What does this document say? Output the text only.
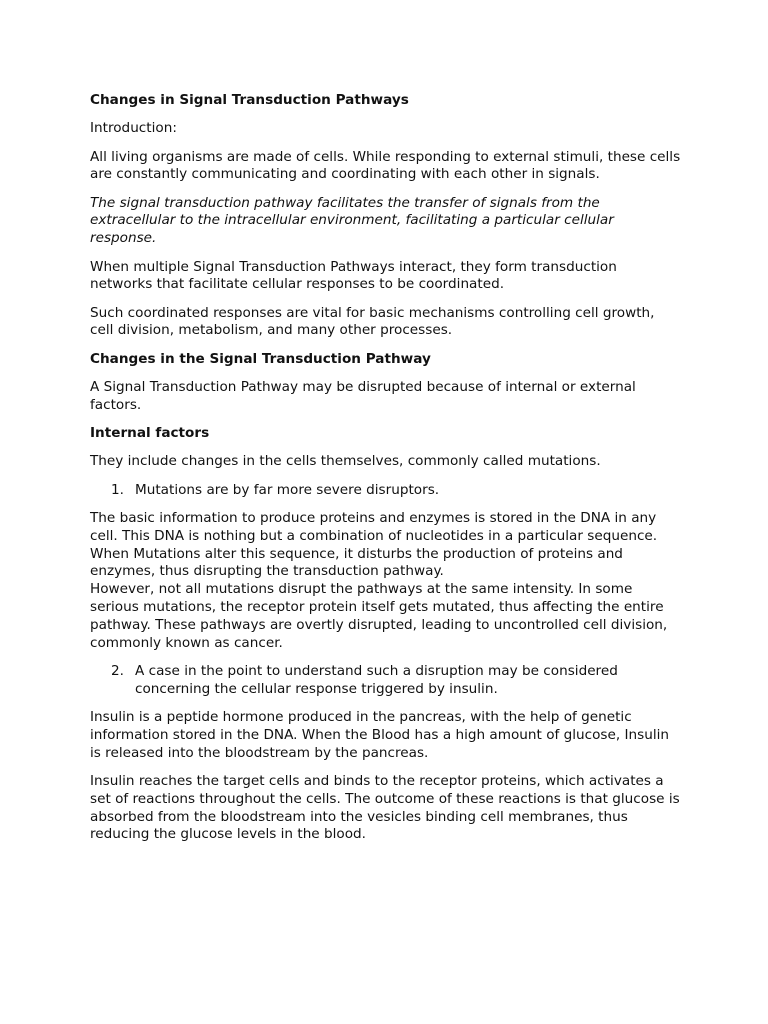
Changes in Signal Transduction Pathways

Introduction:

All living organisms are made of cells. While responding to external stimuli, these cells are constantly communicating and coordinating with each other in signals.

The signal transduction pathway facilitates the transfer of signals from the extracellular to the intracellular environment, facilitating a particular cellular response.

When multiple Signal Transduction Pathways interact, they form transduction networks that facilitate cellular responses to be coordinated.

Such coordinated responses are vital for basic mechanisms controlling cell growth, cell division, metabolism, and many other processes.

Changes in the Signal Transduction Pathway

A Signal Transduction Pathway may be disrupted because of internal or external factors.

Internal factors

They include changes in the cells themselves, commonly called mutations.

1. Mutations are by far more severe disruptors.

The basic information to produce proteins and enzymes is stored in the DNA in any cell. This DNA is nothing but a combination of nucleotides in a particular sequence. When Mutations alter this sequence, it disturbs the production of proteins and enzymes, thus disrupting the transduction pathway.

However, not all mutations disrupt the pathways at the same intensity. In some serious mutations, the receptor protein itself gets mutated, thus affecting the entire pathway. These pathways are overtly disrupted, leading to uncontrolled cell division, commonly known as cancer.

2. A case in the point to understand such a disruption may be considered concerning the cellular response triggered by insulin.

Insulin is a peptide hormone produced in the pancreas, with the help of genetic information stored in the DNA. When the Blood has a high amount of glucose, Insulin is released into the bloodstream by the pancreas.

Insulin reaches the target cells and binds to the receptor proteins, which activates a set of reactions throughout the cells. The outcome of these reactions is that glucose is absorbed from the bloodstream into the vesicles binding cell membranes, thus reducing the glucose levels in the blood.
